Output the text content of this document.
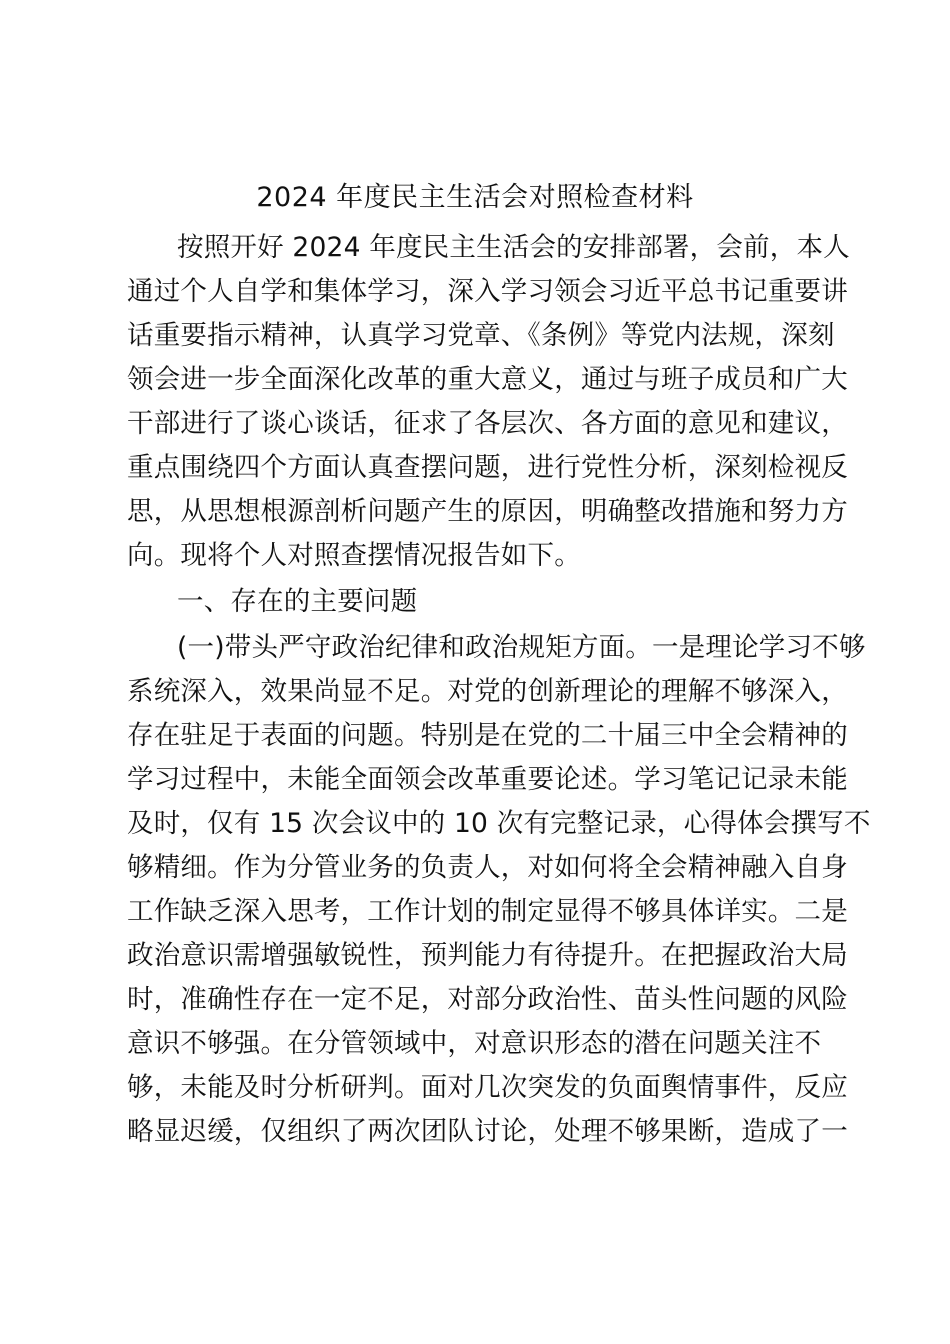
2024 年度民主生活会对照检查材料
按照开好 2024 年度民主生活会的安排部署，会前，本人
通过个人自学和集体学习，深入学习领会习近平总书记重要讲
话重要指示精神，认真学习党章、《条例》等党内法规，深刻
领会进一步全面深化改革的重大意义，通过与班子成员和广大
干部进行了谈心谈话，征求了各层次、各方面的意见和建议，
重点围绕四个方面认真查摆问题，进行党性分析，深刻检视反
思，从思想根源剖析问题产生的原因，明确整改措施和努力方
向。现将个人对照查摆情况报告如下。
一、存在的主要问题
(一)带头严守政治纪律和政治规矩方面。一是理论学习不够
系统深入，效果尚显不足。对党的创新理论的理解不够深入，
存在驻足于表面的问题。特别是在党的二十届三中全会精神的
学习过程中，未能全面领会改革重要论述。学习笔记记录未能
及时，仅有 15 次会议中的 10 次有完整记录，心得体会撰写不
够精细。作为分管业务的负责人，对如何将全会精神融入自身
工作缺乏深入思考，工作计划的制定显得不够具体详实。二是
政治意识需增强敏锐性，预判能力有待提升。在把握政治大局
时，准确性存在一定不足，对部分政治性、苗头性问题的风险
意识不够强。在分管领域中，对意识形态的潜在问题关注不
够，未能及时分析研判。面对几次突发的负面舆情事件，反应
略显迟缓，仅组织了两次团队讨论，处理不够果断，造成了一
